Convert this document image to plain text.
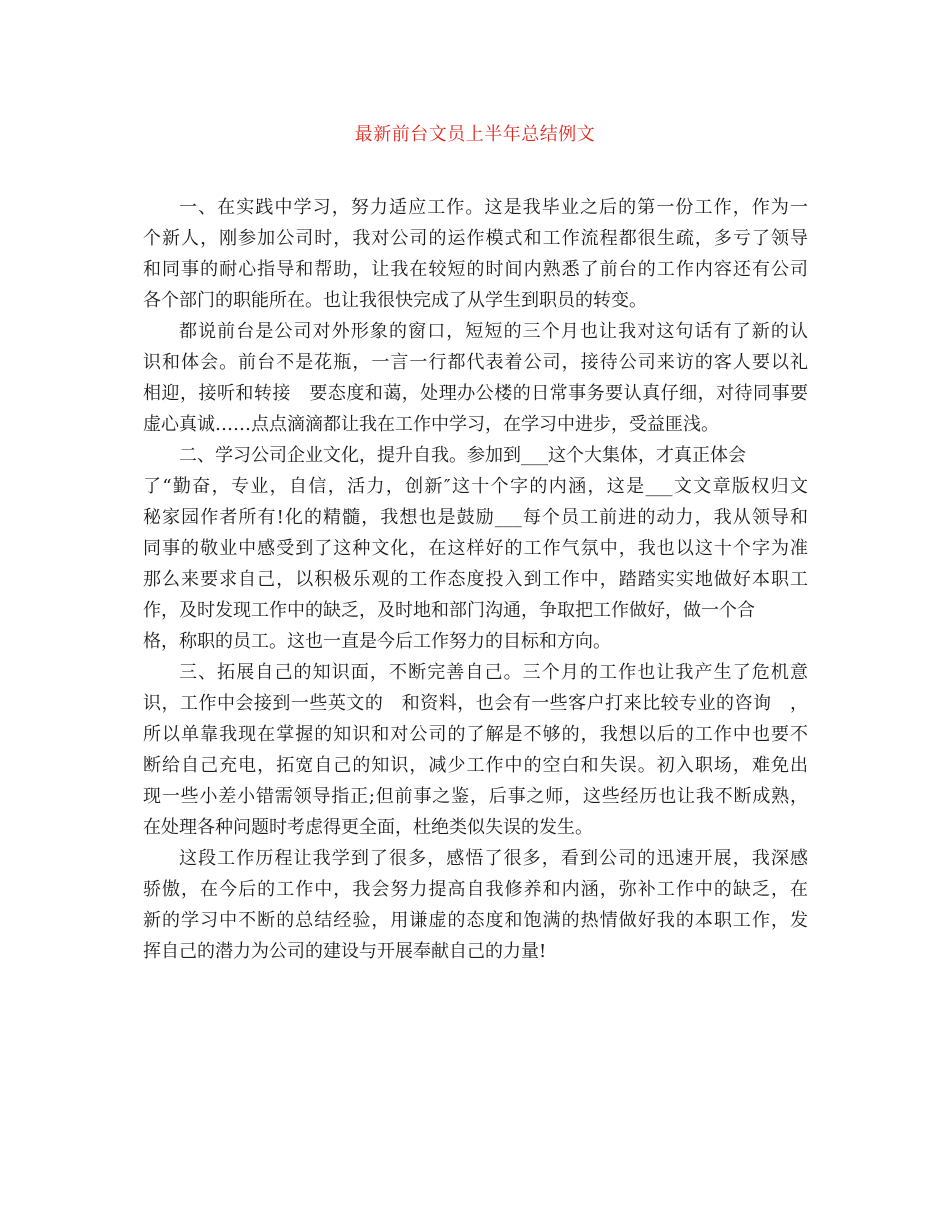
最新前台文员上半年总结例文
一、在实践中学习，努力适应工作。这是我毕业之后的第一份工作，作为一
个新人，刚参加公司时，我对公司的运作模式和工作流程都很生疏，多亏了领导
和同事的耐心指导和帮助，让我在较短的时间内熟悉了前台的工作内容还有公司
各个部门的职能所在。也让我很快完成了从学生到职员的转变。
都说前台是公司对外形象的窗口，短短的三个月也让我对这句话有了新的认
识和体会。前台不是花瓶，一言一行都代表着公司，接待公司来访的客人要以礼
相迎，接听和转接　要态度和蔼，处理办公楼的日常事务要认真仔细，对待同事要
虚心真诚……点点滴滴都让我在工作中学习，在学习中进步，受益匪浅。
二、学习公司企业文化，提升自我。参加到___这个大集体，才真正体会
了“勤奋，专业，自信，活力，创新″这十个字的内涵，这是___文文章版权归文
秘家园作者所有!化的精髓，我想也是鼓励___每个员工前进的动力，我从领导和
同事的敬业中感受到了这种文化，在这样好的工作气氛中，我也以这十个字为准
那么来要求自己，以积极乐观的工作态度投入到工作中，踏踏实实地做好本职工
作，及时发现工作中的缺乏，及时地和部门沟通，争取把工作做好，做一个合
格，称职的员工。这也一直是今后工作努力的目标和方向。
三、拓展自己的知识面，不断完善自己。三个月的工作也让我产生了危机意
识，工作中会接到一些英文的　和资料，也会有一些客户打来比较专业的咨询　，
所以单靠我现在掌握的知识和对公司的了解是不够的，我想以后的工作中也要不
断给自己充电，拓宽自己的知识，减少工作中的空白和失误。初入职场，难免出
现一些小差小错需领导指正;但前事之鉴，后事之师，这些经历也让我不断成熟，
在处理各种问题时考虑得更全面，杜绝类似失误的发生。
这段工作历程让我学到了很多，感悟了很多，看到公司的迅速开展，我深感
骄傲，在今后的工作中，我会努力提高自我修养和内涵，弥补工作中的缺乏，在
新的学习中不断的总结经验，用谦虚的态度和饱满的热情做好我的本职工作，发
挥自己的潜力为公司的建设与开展奉献自己的力量!
